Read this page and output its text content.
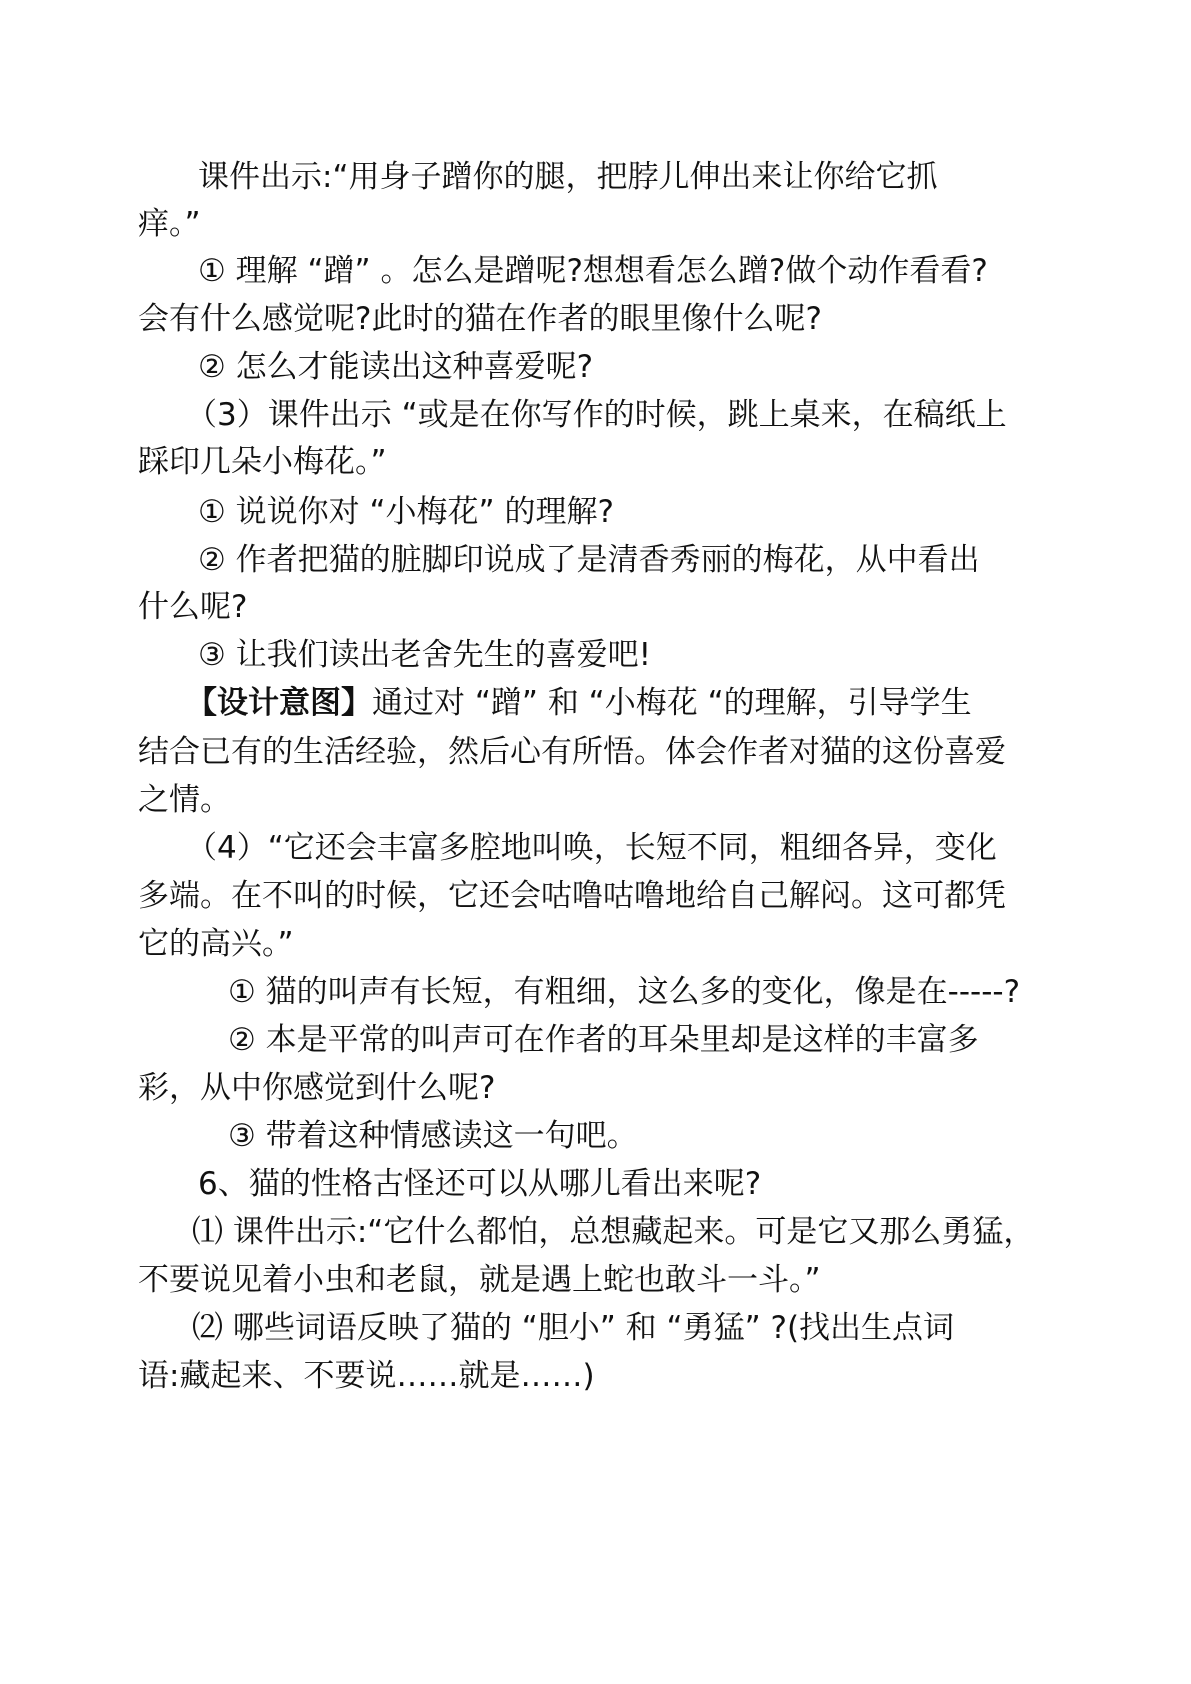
课件出示:“用身子蹭你的腿，把脖儿伸出来让你给它抓
痒。”
① 理解 “蹭” 。怎么是蹭呢?想想看怎么蹭?做个动作看看?
会有什么感觉呢?此时的猫在作者的眼里像什么呢?
② 怎么才能读出这种喜爱呢?
（3）课件出示 “或是在你写作的时候，跳上桌来，在稿纸上
踩印几朵小梅花。”
① 说说你对 “小梅花” 的理解?
② 作者把猫的脏脚印说成了是清香秀丽的梅花，从中看出
什么呢?
③ 让我们读出老舍先生的喜爱吧!
【设计意图】通过对 “蹭” 和 “小梅花 “的理解，引导学生
结合已有的生活经验，然后心有所悟。体会作者对猫的这份喜爱
之情。
（4）“它还会丰富多腔地叫唤，长短不同，粗细各异，变化
多端。在不叫的时候，它还会咕噜咕噜地给自己解闷。这可都凭
它的高兴。”
① 猫的叫声有长短，有粗细，这么多的变化，像是在-----?
② 本是平常的叫声可在作者的耳朵里却是这样的丰富多
彩，从中你感觉到什么呢?
③ 带着这种情感读这一句吧。
6、猫的性格古怪还可以从哪儿看出来呢?
⑴ 课件出示:“它什么都怕，总想藏起来。可是它又那么勇猛，
不要说见着小虫和老鼠，就是遇上蛇也敢斗一斗。”
⑵ 哪些词语反映了猫的 “胆小” 和 “勇猛” ?(找出生点词
语:藏起来、不要说……就是……)
